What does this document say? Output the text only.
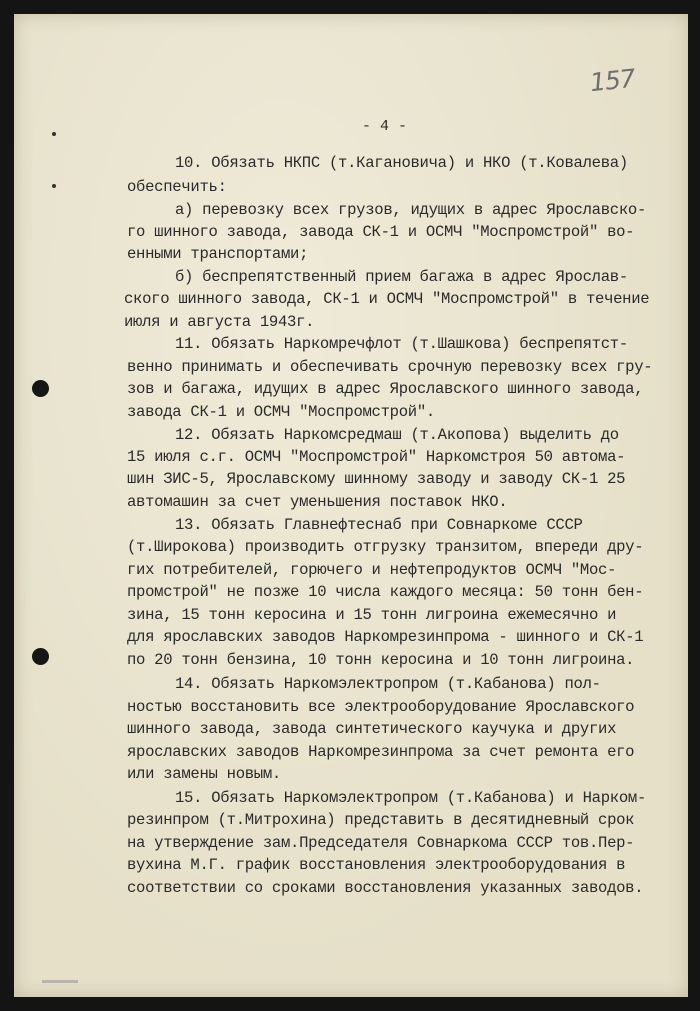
157
- 4 -
10. Обязать НКПС (т.Кагановича) и НКО (т.Ковалева)
обеспечить:
а) перевозку всех грузов, идущих в адрес Ярославско-
го шинного завода, завода СК-1 и ОСМЧ "Моспромстрой" во-
енными транспортами;
б) беспрепятственный прием багажа в адрес Ярослав-
ского шинного завода, СК-1 и ОСМЧ "Моспромстрой" в течение
июля и августа 1943г.
11. Обязать Наркомречфлот (т.Шашкова) беспрепятст-
венно принимать и обеспечивать срочную перевозку всех гру-
зов и багажа, идущих в адрес Ярославского шинного завода,
завода СК-1 и ОСМЧ "Моспромстрой".
12. Обязать Наркомсредмаш (т.Акопова) выделить до
15 июля с.г. ОСМЧ "Моспромстрой" Наркомстроя 50 автома-
шин ЗИС-5, Ярославскому шинному заводу и заводу СК-1 25
автомашин за счет уменьшения поставок НКО.
13. Обязать Главнефтеснаб при Совнаркоме СССР
(т.Широкова) производить отгрузку транзитом, впереди дру-
гих потребителей, горючего и нефтепродуктов ОСМЧ "Мос-
промстрой" не позже 10 числа каждого месяца: 50 тонн бен-
зина, 15 тонн керосина и 15 тонн лигроина ежемесячно и
для ярославских заводов Наркомрезинпрома - шинного и СК-1
по 20 тонн бензина, 10 тонн керосина и 10 тонн лигроина.
14. Обязать Наркомэлектропром (т.Кабанова) пол-
ностью восстановить все электрооборудование Ярославского
шинного завода, завода синтетического каучука и других
ярославских заводов Наркомрезинпрома за счет ремонта его
или замены новым.
15. Обязать Наркомэлектропром (т.Кабанова) и Нарком-
резинпром (т.Митрохина) представить в десятидневный срок
на утверждение зам.Председателя Совнаркома СССР тов.Пер-
вухина М.Г. график восстановления электрооборудования в
соответствии со сроками восстановления указанных заводов.
